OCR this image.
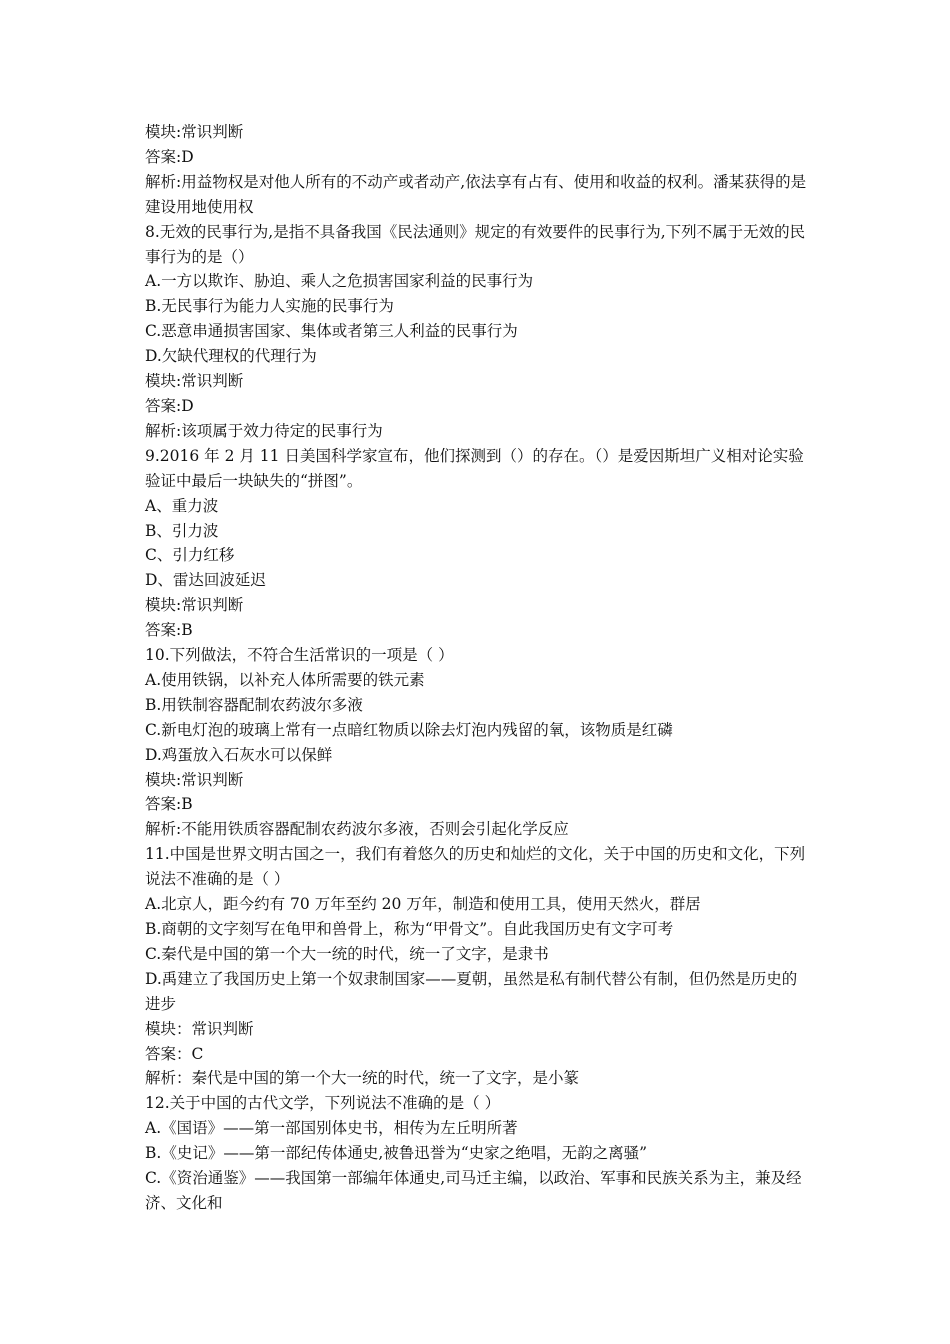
模块:常识判断
答案:D
解析:用益物权是对他人所有的不动产或者动产,依法享有占有、使用和收益的权利。潘某获得的是建设用地使用权
8.无效的民事行为,是指不具备我国《民法通则》规定的有效要件的民事行为,下列不属于无效的民事行为的是（）
A.一方以欺诈、胁迫、乘人之危损害国家利益的民事行为
B.无民事行为能力人实施的民事行为
C.恶意串通损害国家、集体或者第三人利益的民事行为
D.欠缺代理权的代理行为
模块:常识判断
答案:D
解析:该项属于效力待定的民事行为
9.2016 年 2 月 11 日美国科学家宣布，他们探测到（）的存在。（）是爱因斯坦广义相对论实验验证中最后一块缺失的“拼图”。
A、重力波
B、引力波
C、引力红移
D、雷达回波延迟
模块:常识判断
答案:B
10.下列做法，不符合生活常识的一项是（ ）
A.使用铁锅，以补充人体所需要的铁元素
B.用铁制容器配制农药波尔多液
C.新电灯泡的玻璃上常有一点暗红物质以除去灯泡内残留的氧，该物质是红磷
D.鸡蛋放入石灰水可以保鲜
模块:常识判断
答案:B
解析:不能用铁质容器配制农药波尔多液，否则会引起化学反应
11.中国是世界文明古国之一，我们有着悠久的历史和灿烂的文化，关于中国的历史和文化，下列说法不准确的是（ ）
A.北京人，距今约有 70 万年至约 20 万年，制造和使用工具，使用天然火，群居
B.商朝的文字刻写在龟甲和兽骨上，称为“甲骨文”。自此我国历史有文字可考
C.秦代是中国的第一个大一统的时代，统一了文字，是隶书
D.禹建立了我国历史上第一个奴隶制国家——夏朝，虽然是私有制代替公有制，但仍然是历史的进步
模块：常识判断
答案：C
解析：秦代是中国的第一个大一统的时代，统一了文字，是小篆
12.关于中国的古代文学，下列说法不准确的是（ ）
A.《国语》——第一部国别体史书，相传为左丘明所著
B.《史记》——第一部纪传体通史,被鲁迅誉为“史家之绝唱，无韵之离骚”
C.《资治通鉴》——我国第一部编年体通史,司马迁主编，以政治、军事和民族关系为主，兼及经济、文化和
